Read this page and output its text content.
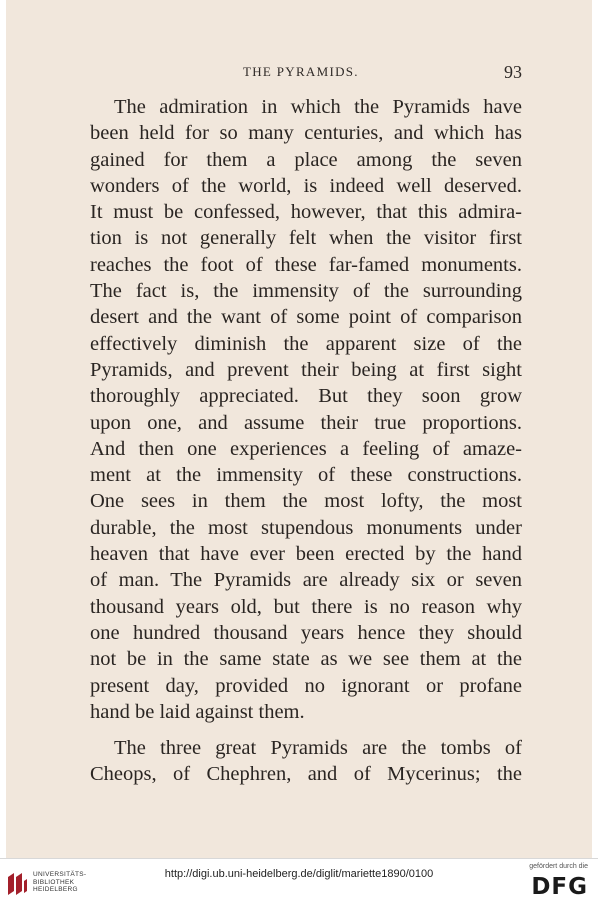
THE PYRAMIDS.	93
The admiration in which the Pyramids have
been held for so many centuries, and which has
gained for them a place among the seven
wonders of the world, is indeed well deserved.
It must be confessed, however, that this admira-
tion is not generally felt when the visitor first
reaches the foot of these far-famed monuments.
The fact is, the immensity of the surrounding
desert and the want of some point of comparison
effectively diminish the apparent size of the
Pyramids, and prevent their being at first sight
thoroughly appreciated. But they soon grow
upon one, and assume their true proportions.
And then one experiences a feeling of amaze-
ment at the immensity of these constructions.
One sees in them the most lofty, the most
durable, the most stupendous monuments under
heaven that have ever been erected by the hand
of man. The Pyramids are already six or seven
thousand years old, but there is no reason why
one hundred thousand years hence they should
not be in the same state as we see them at the
present day, provided no ignorant or profane
hand be laid against them.
The three great Pyramids are the tombs of
Cheops, of Chephren, and of Mycerinus; the
UNIVERSITÄTS-
BIBLIOTHEK
HEIDELBERG
http://digi.ub.uni-heidelberg.de/diglit/mariette1890/0100
gefördert durch die
DFG
